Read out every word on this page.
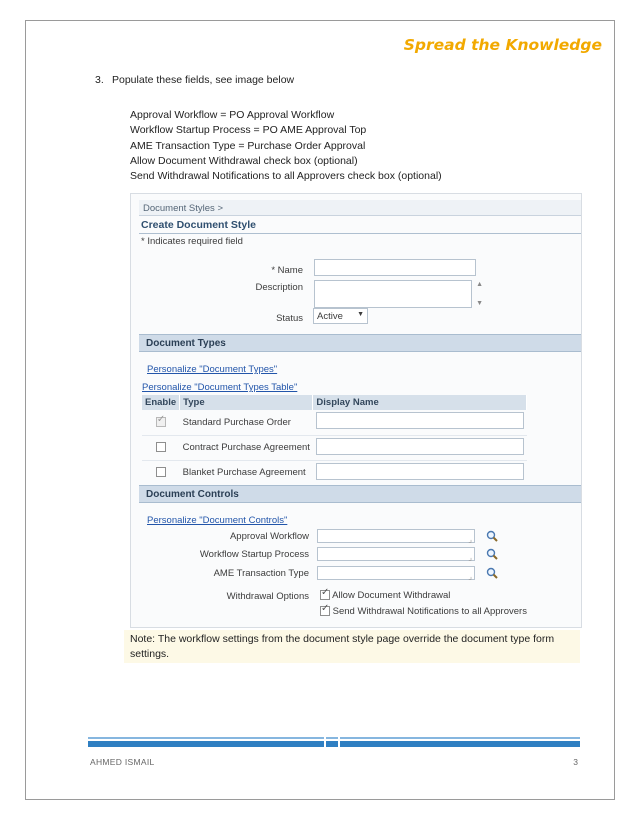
Spread the Knowledge
3. Populate these fields, see image below
Approval Workflow = PO Approval Workflow
Workflow Startup Process = PO AME Approval Top
AME Transaction Type = Purchase Order Approval
Allow Document Withdrawal check box (optional)
Send Withdrawal Notifications to all Approvers check box (optional)
Document Styles >
Create Document Style
* Indicates required field
* Name
Description	▲
▼
Status	Active ▼
Document Types
Personalize "Document Types"
Personalize "Document Types Table"
Enable	Type	Display Name
✓	Standard Purchase Order	
	Contract Purchase Agreement	
	Blanket Purchase Agreement	
Document Controls
Personalize "Document Controls"
Approval Workflow
⌟
Workflow Startup Process
⌟
AME Transaction Type
⌟
Withdrawal Options ✓	Allow Document Withdrawal
✓ Send Withdrawal Notifications to all Approvers
Note: The workflow settings from the document style page override the document type form
settings.
AHMED ISMAIL	3
